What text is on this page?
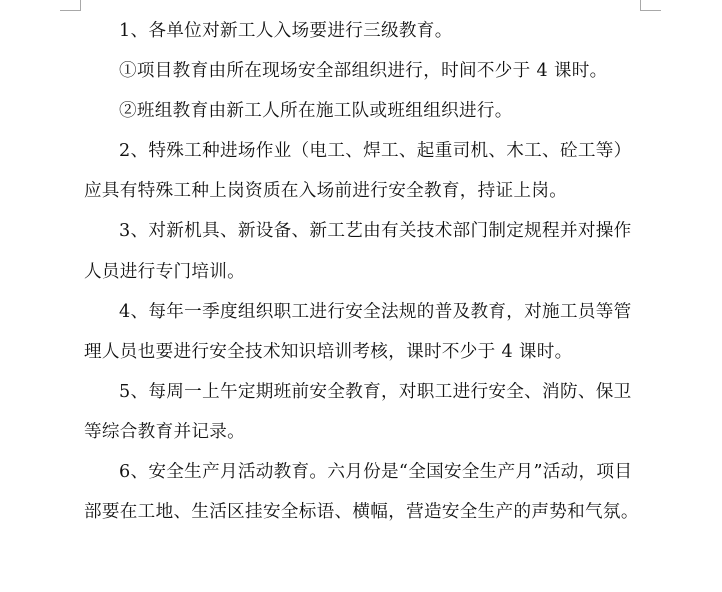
1、各单位对新工人入场要进行三级教育。

①项目教育由所在现场安全部组织进行，时间不少于 4 课时。

②班组教育由新工人所在施工队或班组组织进行。

2、特殊工种进场作业（电工、焊工、起重司机、木工、砼工等）应具有特殊工种上岗资质在入场前进行安全教育，持证上岗。

3、对新机具、新设备、新工艺由有关技术部门制定规程并对操作人员进行专门培训。

4、每年一季度组织职工进行安全法规的普及教育，对施工员等管理人员也要进行安全技术知识培训考核，课时不少于 4 课时。

5、每周一上午定期班前安全教育，对职工进行安全、消防、保卫等综合教育并记录。

6、安全生产月活动教育。六月份是“全国安全生产月”活动，项目部要在工地、生活区挂安全标语、横幅，营造安全生产的声势和气氛。
